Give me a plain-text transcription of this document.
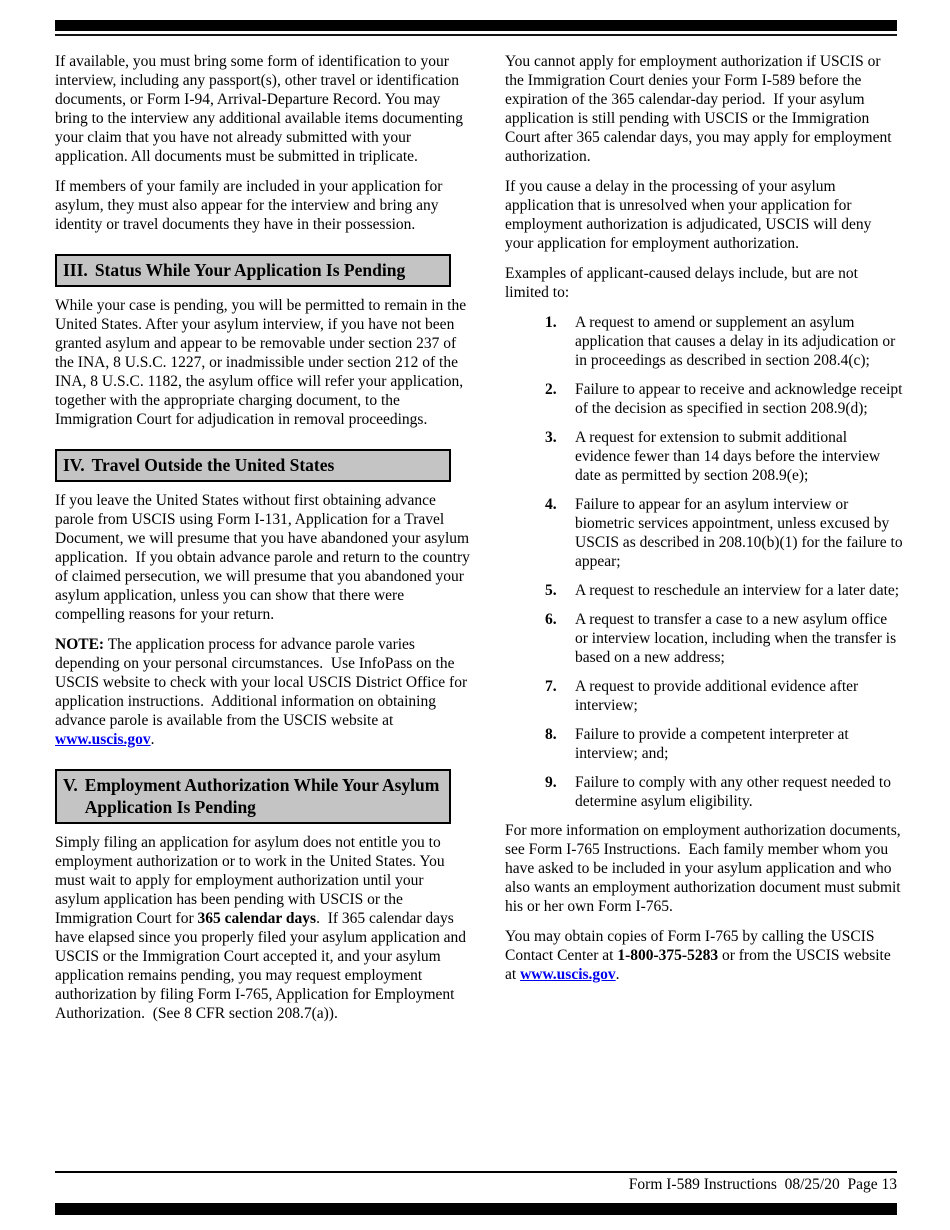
If available, you must bring some form of identification to your interview, including any passport(s), other travel or identification documents, or Form I-94, Arrival-Departure Record. You may bring to the interview any additional available items documenting your claim that you have not already submitted with your application. All documents must be submitted in triplicate.

If members of your family are included in your application for asylum, they must also appear for the interview and bring any identity or travel documents they have in their possession.

III. Status While Your Application Is Pending

While your case is pending, you will be permitted to remain in the United States. After your asylum interview, if you have not been granted asylum and appear to be removable under section 237 of the INA, 8 U.S.C. 1227, or inadmissible under section 212 of the INA, 8 U.S.C. 1182, the asylum office will refer your application, together with the appropriate charging document, to the Immigration Court for adjudication in removal proceedings.

IV. Travel Outside the United States

If you leave the United States without first obtaining advance parole from USCIS using Form I-131, Application for a Travel Document, we will presume that you have abandoned your asylum application.  If you obtain advance parole and return to the country of claimed persecution, we will presume that you abandoned your asylum application, unless you can show that there were compelling reasons for your return.

NOTE: The application process for advance parole varies depending on your personal circumstances.  Use InfoPass on the USCIS website to check with your local USCIS District Office for application instructions.  Additional information on obtaining advance parole is available from the USCIS website at www.uscis.gov.

V. Employment Authorization While Your Asylum Application Is Pending

Simply filing an application for asylum does not entitle you to employment authorization or to work in the United States. You must wait to apply for employment authorization until your asylum application has been pending with USCIS or the Immigration Court for 365 calendar days.  If 365 calendar days have elapsed since you properly filed your asylum application and USCIS or the Immigration Court accepted it, and your asylum application remains pending, you may request employment authorization by filing Form I-765, Application for Employment Authorization.  (See 8 CFR section 208.7(a)).

You cannot apply for employment authorization if USCIS or the Immigration Court denies your Form I-589 before the expiration of the 365 calendar-day period.  If your asylum application is still pending with USCIS or the Immigration Court after 365 calendar days, you may apply for employment authorization.

If you cause a delay in the processing of your asylum application that is unresolved when your application for employment authorization is adjudicated, USCIS will deny your application for employment authorization.

Examples of applicant-caused delays include, but are not limited to:

1.	A request to amend or supplement an asylum application that causes a delay in its adjudication or in proceedings as described in section 208.4(c);
2.	Failure to appear to receive and acknowledge receipt of the decision as specified in section 208.9(d);
3.	A request for extension to submit additional evidence fewer than 14 days before the interview date as permitted by section 208.9(e);
4.	Failure to appear for an asylum interview or biometric services appointment, unless excused by USCIS as described in 208.10(b)(1) for the failure to appear;
5.	A request to reschedule an interview for a later date;
6.	A request to transfer a case to a new asylum office or interview location, including when the transfer is based on a new address;
7.	A request to provide additional evidence after interview;
8.	Failure to provide a competent interpreter at interview; and;
9.	Failure to comply with any other request needed to determine asylum eligibility.

For more information on employment authorization documents, see Form I-765 Instructions.  Each family member whom you have asked to be included in your asylum application and who also wants an employment authorization document must submit his or her own Form I-765.

You may obtain copies of Form I-765 by calling the USCIS Contact Center at 1-800-375-5283 or from the USCIS website at www.uscis.gov.

Form I-589 Instructions  08/25/20  Page 13
